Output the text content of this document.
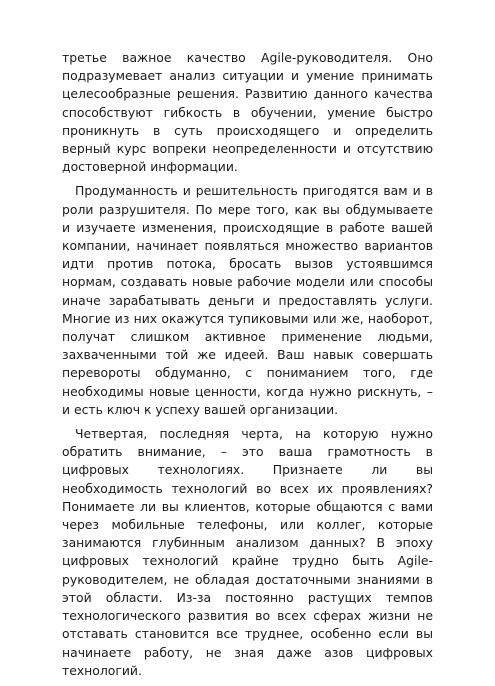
третье важное качество Agile-руководителя. Оно подразумевает анализ ситуации и умение принимать целесообразные решения. Развитию данного качества способствуют гибкость в обучении, умение быстро проникнуть в суть происходящего и определить верный курс вопреки неопределенности и отсутствию достоверной информации.

Продуманность и решительность пригодятся вам и в роли разрушителя. По мере того, как вы обдумываете и изучаете изменения, происходящие в работе вашей компании, начинает появляться множество вариантов идти против потока, бросать вызов устоявшимся нормам, создавать новые рабочие модели или способы иначе зарабатывать деньги и предоставлять услуги. Многие из них окажутся тупиковыми или же, наоборот, получат слишком активное применение людьми, захваченными той же идеей. Ваш навык совершать перевороты обдуманно, с пониманием того, где необходимы новые ценности, когда нужно рискнуть, – и есть ключ к успеху вашей организации.

Четвертая, последняя черта, на которую нужно обратить внимание, – это ваша грамотность в цифровых технологиях. Признаете ли вы необходимость технологий во всех их проявлениях? Понимаете ли вы клиентов, которые общаются с вами через мобильные телефоны, или коллег, которые занимаются глубинным анализом данных? В эпоху цифровых технологий крайне трудно быть Agile-руководителем, не обладая достаточными знаниями в этой области. Из-за постоянно растущих темпов технологического развития во всех сферах жизни не отставать становится все труднее, особенно если вы начинаете работу, не зная даже азов цифровых технологий.
